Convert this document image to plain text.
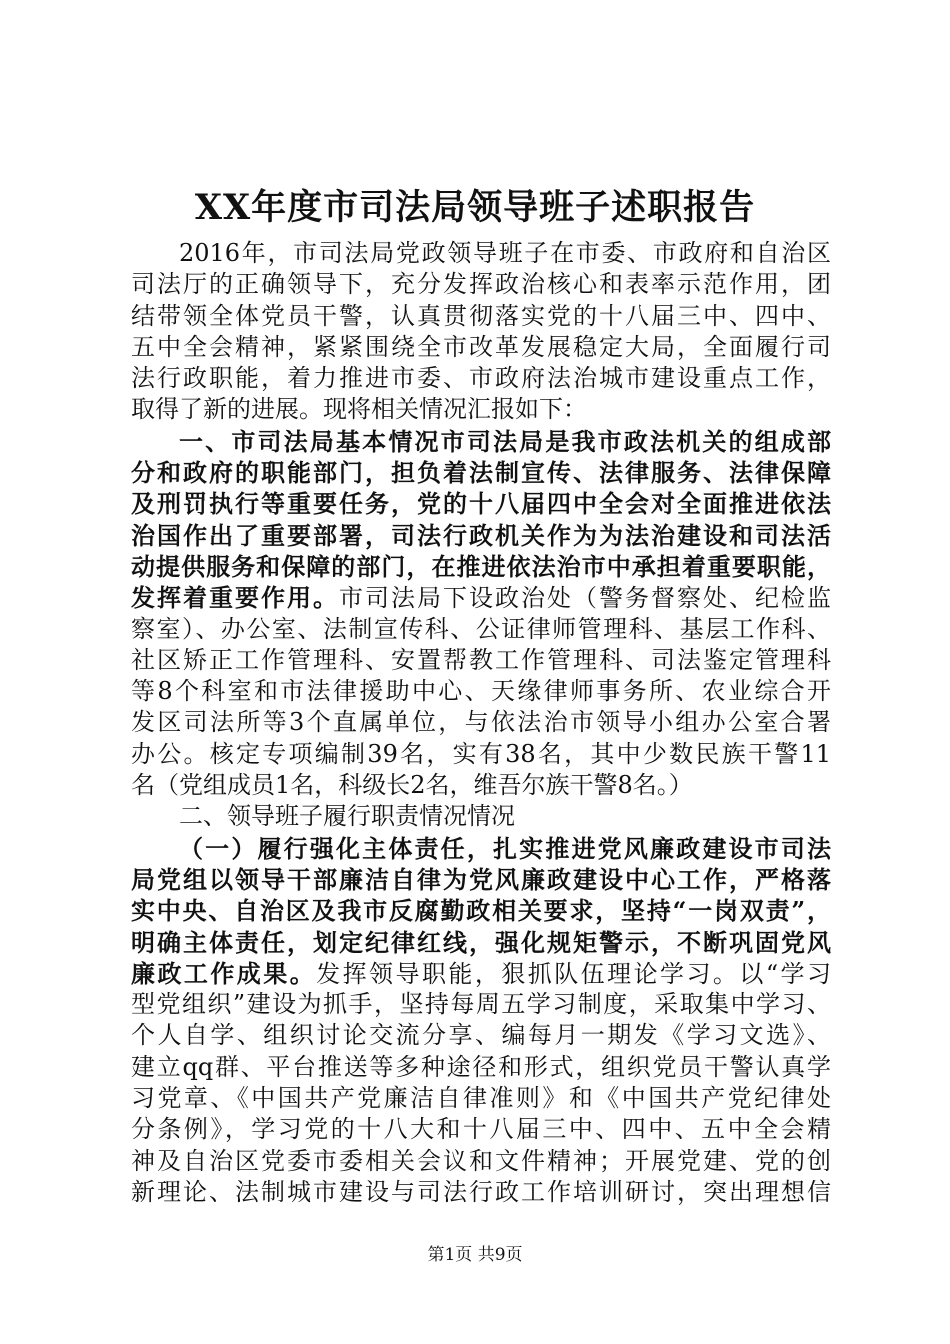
XX年度市司法局领导班子述职报告
2016年，市司法局党政领导班子在市委、市政府和自治区
司法厅的正确领导下，充分发挥政治核心和表率示范作用，团
结带领全体党员干警，认真贯彻落实党的十八届三中、四中、
五中全会精神，紧紧围绕全市改革发展稳定大局，全面履行司
法行政职能，着力推进市委、市政府法治城市建设重点工作，
取得了新的进展。现将相关情况汇报如下：
一、市司法局基本情况市司法局是我市政法机关的组成部
分和政府的职能部门，担负着法制宣传、法律服务、法律保障
及刑罚执行等重要任务，党的十八届四中全会对全面推进依法
治国作出了重要部署，司法行政机关作为为法治建设和司法活
动提供服务和保障的部门，在推进依法治市中承担着重要职能，
发挥着重要作用。市司法局下设政治处（警务督察处、纪检监
察室）、办公室、法制宣传科、公证律师管理科、基层工作科、
社区矫正工作管理科、安置帮教工作管理科、司法鉴定管理科
等8个科室和市法律援助中心、天缘律师事务所、农业综合开
发区司法所等3个直属单位，与依法治市领导小组办公室合署
办公。核定专项编制39名，实有38名，其中少数民族干警11
名（党组成员1名，科级长2名，维吾尔族干警8名。）
二、领导班子履行职责情况情况
（一）履行强化主体责任，扎实推进党风廉政建设市司法
局党组以领导干部廉洁自律为党风廉政建设中心工作，严格落
实中央、自治区及我市反腐勤政相关要求，坚持“一岗双责”，
明确主体责任，划定纪律红线，强化规矩警示，不断巩固党风
廉政工作成果。发挥领导职能，狠抓队伍理论学习。以“学习
型党组织”建设为抓手，坚持每周五学习制度，采取集中学习、
个人自学、组织讨论交流分享、编每月一期发《学习文选》、
建立qq群、平台推送等多种途径和形式，组织党员干警认真学
习党章、《中国共产党廉洁自律准则》和《中国共产党纪律处
分条例》，学习党的十八大和十八届三中、四中、五中全会精
神及自治区党委市委相关会议和文件精神；开展党建、党的创
新理论、法制城市建设与司法行政工作培训研讨，突出理想信
第1页 共9页
